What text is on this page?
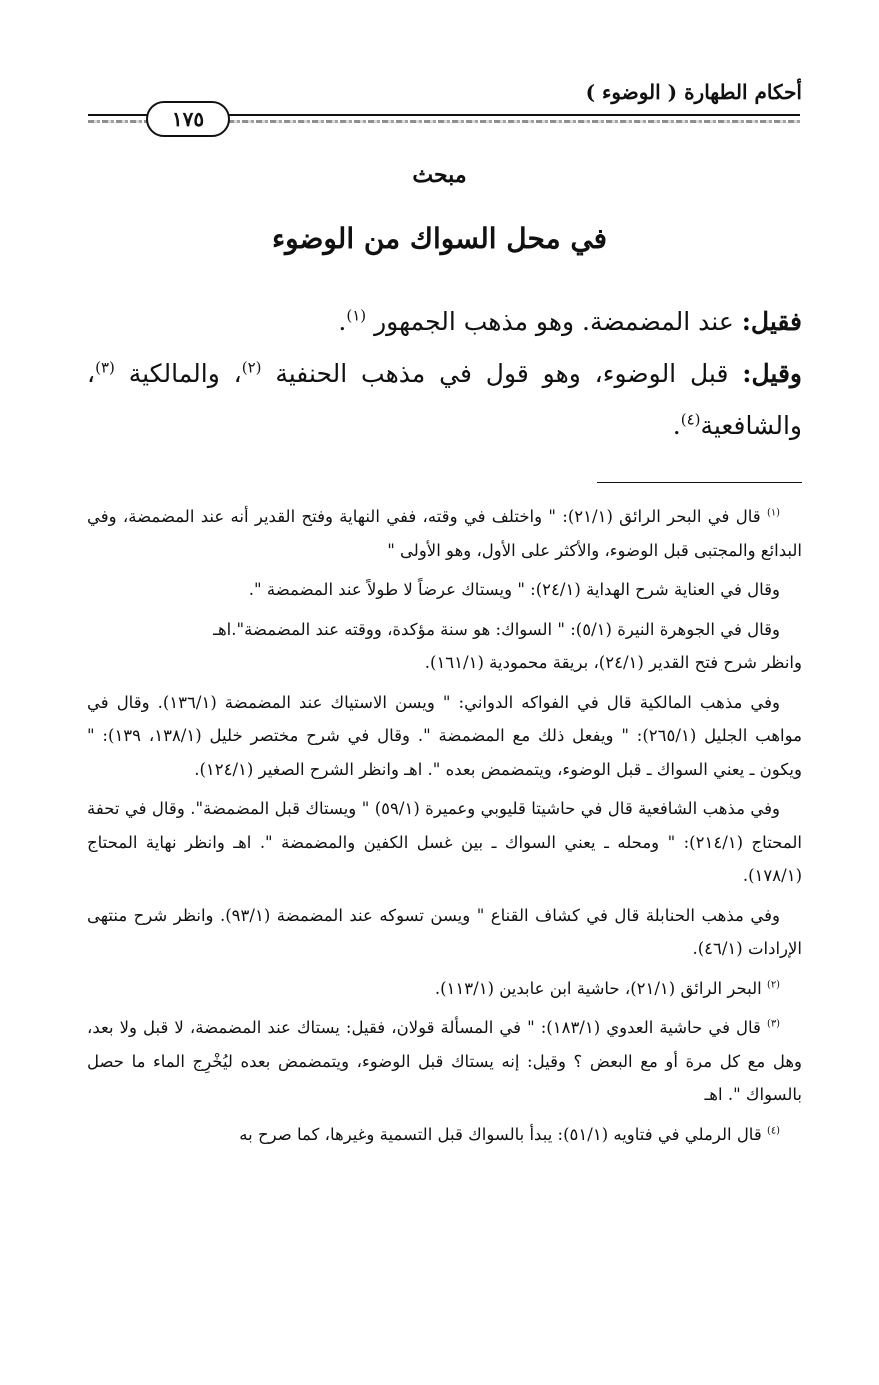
أحكام الطهارة ( الوضوء )
١٧٥
مبحث
في محل السواك من الوضوء

فقيل: عند المضمضة. وهو مذهب الجمهور $^{(١)}$.

وقيل: قبل الوضوء، وهو قول في مذهب الحنفية $^{(٢)}$، والمالكية $^{(٣)}$، والشافعية$^{(٤)}$.

$^{(١)}$ قال في البحر الرائق (٢١/١): " واختلف في وقته، ففي النهاية وفتح القدير أنه عند المضمضة، وفي البدائع والمجتبى قبل الوضوء، والأكثر على الأول، وهو الأولى "

وقال في العناية شرح الهداية (٢٤/١): " ويستاك عرضاً لا طولاً عند المضمضة ".

وقال في الجوهرة النيرة (٥/١): " السواك: هو سنة مؤكدة، ووقته عند المضمضة".اهـ

وانظر شرح فتح القدير (٢٤/١)، بريقة محمودية (١٦١/١).

وفي مذهب المالكية قال في الفواكه الدواني: " ويسن الاستياك عند المضمضة (١٣٦/١). وقال في مواهب الجليل (٢٦٥/١): " ويفعل ذلك مع المضمضة ". وقال في شرح مختصر خليل (١٣٨/١، ١٣٩): " ويكون ـ يعني السواك ـ قبل الوضوء، ويتمضمض بعده ". اهـ وانظر الشرح الصغير (١٢٤/١).

وفي مذهب الشافعية قال في حاشيتا قليوبي وعميرة (٥٩/١) " ويستاك قبل المضمضة". وقال في تحفة المحتاج (٢١٤/١): " ومحله ـ يعني السواك ـ بين غسل الكفين والمضمضة ". اهـ وانظر نهاية المحتاج (١٧٨/١).

وفي مذهب الحنابلة قال في كشاف القناع " ويسن تسوكه عند المضمضة (٩٣/١). وانظر شرح منتهى الإرادات (٤٦/١).

$^{(٢)}$ البحر الرائق (٢١/١)، حاشية ابن عابدين (١١٣/١).

$^{(٣)}$ قال في حاشية العدوي (١٨٣/١): " في المسألة قولان، فقيل: يستاك عند المضمضة، لا قبل ولا بعد، وهل مع كل مرة أو مع البعض ؟ وقيل: إنه يستاك قبل الوضوء، ويتمضمض بعده ليُخْرِج الماء ما حصل بالسواك ". اهـ

$^{(٤)}$ قال الرملي في فتاويه (٥١/١): يبدأ بالسواك قبل التسمية وغيرها، كما صرح به
